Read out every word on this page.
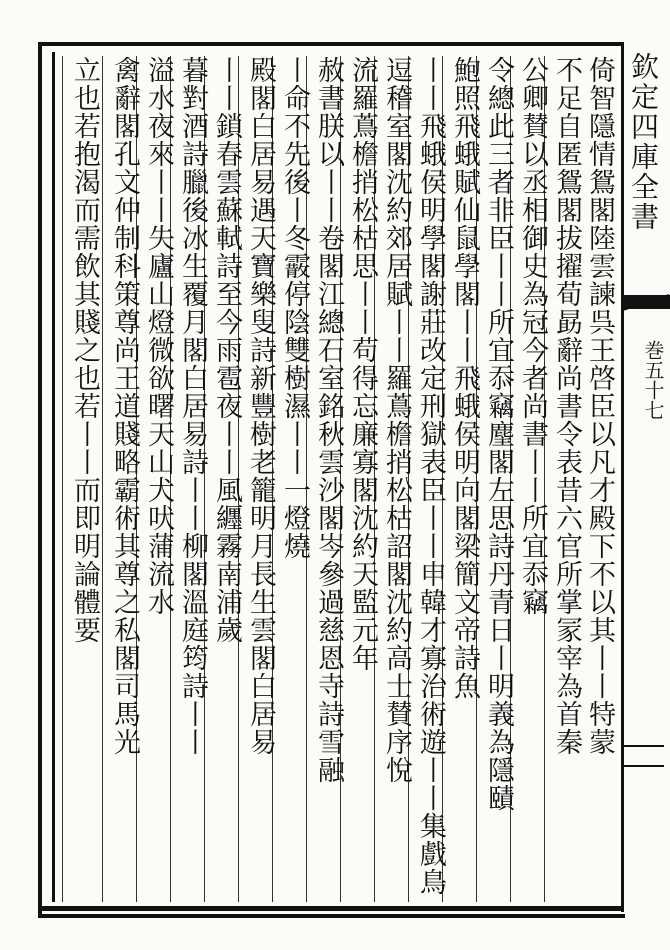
欽定四庫全書
巻五十七
倚智隱情鴛閣陸雲諫呉王啓臣以凡才殿下不以其丨丨特蒙
不足自匿鴛閣拔擢荀勗辭尚書令表昔六官所掌冡宰為首秦
公卿賛以丞相御史為冠今者尚書丨丨所宜忝竊
令總此三者非臣丨丨所宜忝竊麈閣左思詩丹青日丨明義為隱賾
鮑照飛蛾賦仙鼠學閣丨丨飛蛾侯明向閣梁簡文帝詩魚
丨丨飛蛾侯明學閣謝莊改定刑獄表臣丨丨申韓才寡治術遊丨丨集戲鳥
逗稽室閣沈約郊居賦丨丨羅蔦檐捎松枯詔閣沈約高士賛序悅
流羅蔦檐捎松枯思丨丨苟得忘廉寡閣沈約天監元年
赦書朕以丨丨卷閣江總石室銘秋雲沙閣岑參過慈恩寺詩雪融
丨命不先後丨冬霰停陰雙樹濕丨丨一燈燒
殿閣白居易遇天寶樂叟詩新豐樹老籠明月長生雲閣白居易
丨丨鎖春雲蘇軾詩至今雨雹夜丨丨風纒霧南浦歲
暮對酒詩臘後冰生覆月閣白居易詩丨丨柳閣溫庭筠詩丨丨
溢水夜來丨丨失廬山燈微欲曙天山犬吠蒲流水
禽辭閣孔文仲制科策尊尚王道賤略霸術其尊之私閣司馬光
立也若抱渴而需飲其賤之也若丨丨而即明論體要
